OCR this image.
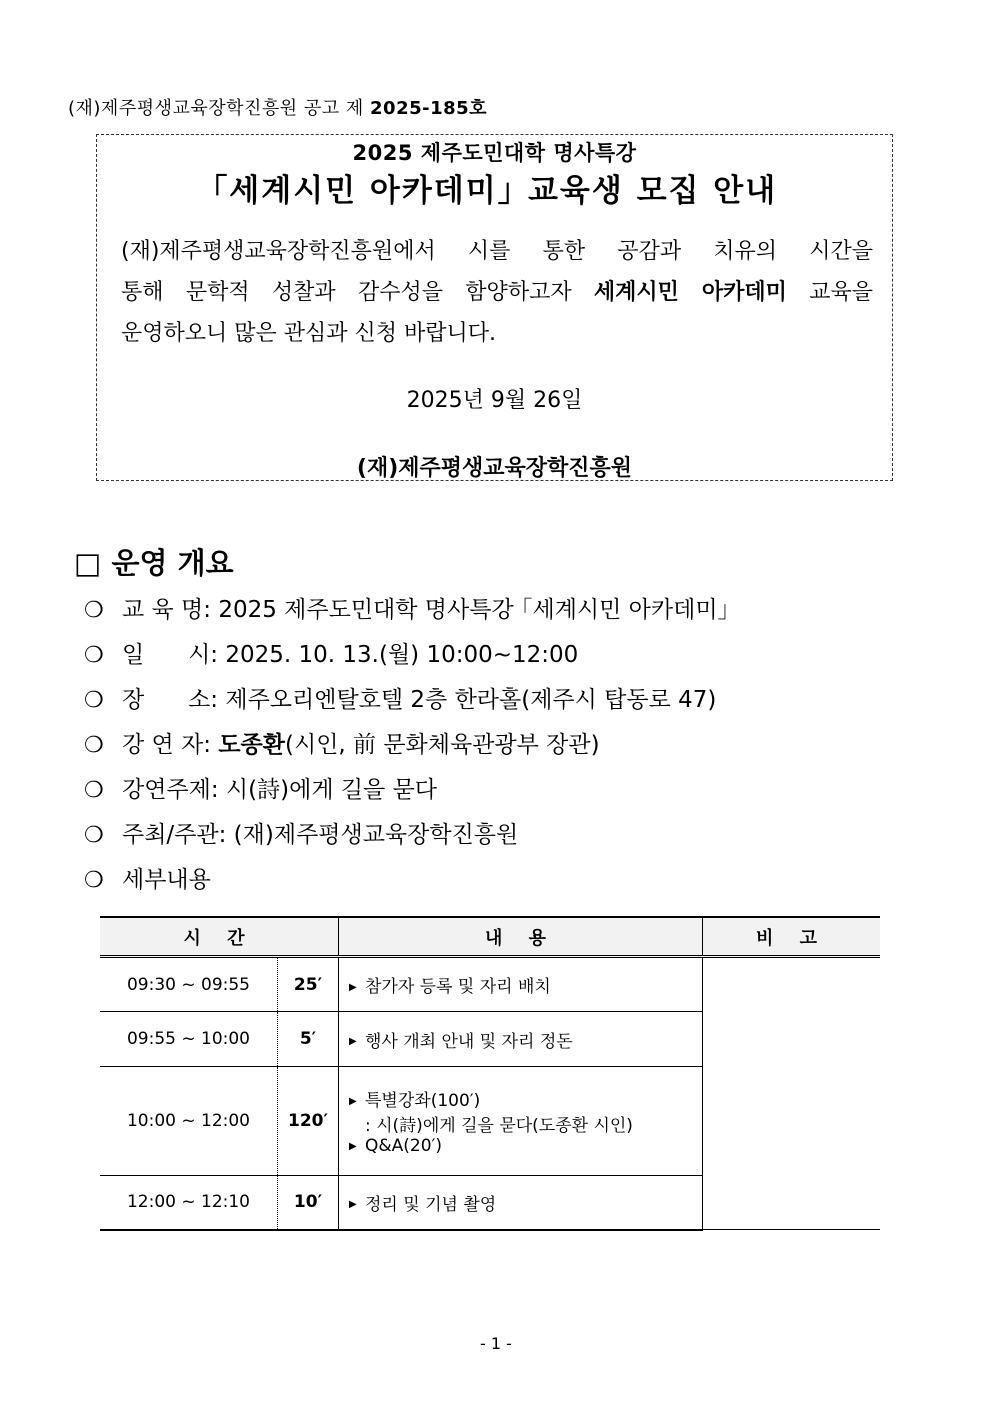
(재)제주평생교육장학진흥원 공고 제 2025-185호
2025 제주도민대학 명사특강
｢세계시민 아카데미｣ 교육생 모집 안내
(재)제주평생교육장학진흥원에서 시를 통한 공감과 치유의 시간을
통해 문학적 성찰과 감수성을 함양하고자 세계시민 아카데미 교육을
운영하오니 많은 관심과 신청 바랍니다.
2025년 9월 26일
(재)제주평생교육장학진흥원
□ 운영 개요
❍ 교 육 명: 2025 제주도민대학 명사특강 ｢세계시민 아카데미｣
❍ 일      시: 2025. 10. 13.(월) 10:00~12:00
❍ 장      소: 제주오리엔탈호텔 2층 한라홀(제주시 탑동로 47)
❍ 강 연 자: 도종환(시인, 前 문화체육관광부 장관)
❍ 강연주제: 시(詩)에게 길을 묻다
❍ 주최/주관: (재)제주평생교육장학진흥원
❍ 세부내용
시 간		내 용	비 고
09:30 ~ 09:55	25′	▶ 참가자 등록 및 자리 배치	
09:55 ~ 10:00	5′	▶ 행사 개최 안내 및 자리 정돈	
10:00 ~ 12:00	120′	▶ 특별강좌(100′)
: 시(詩)에게 길을 묻다(도종환 시인)
▶ Q&A(20′)	

12:00 ~ 12:10	10′	▶ 정리 및 기념 촬영	
- 1 -
